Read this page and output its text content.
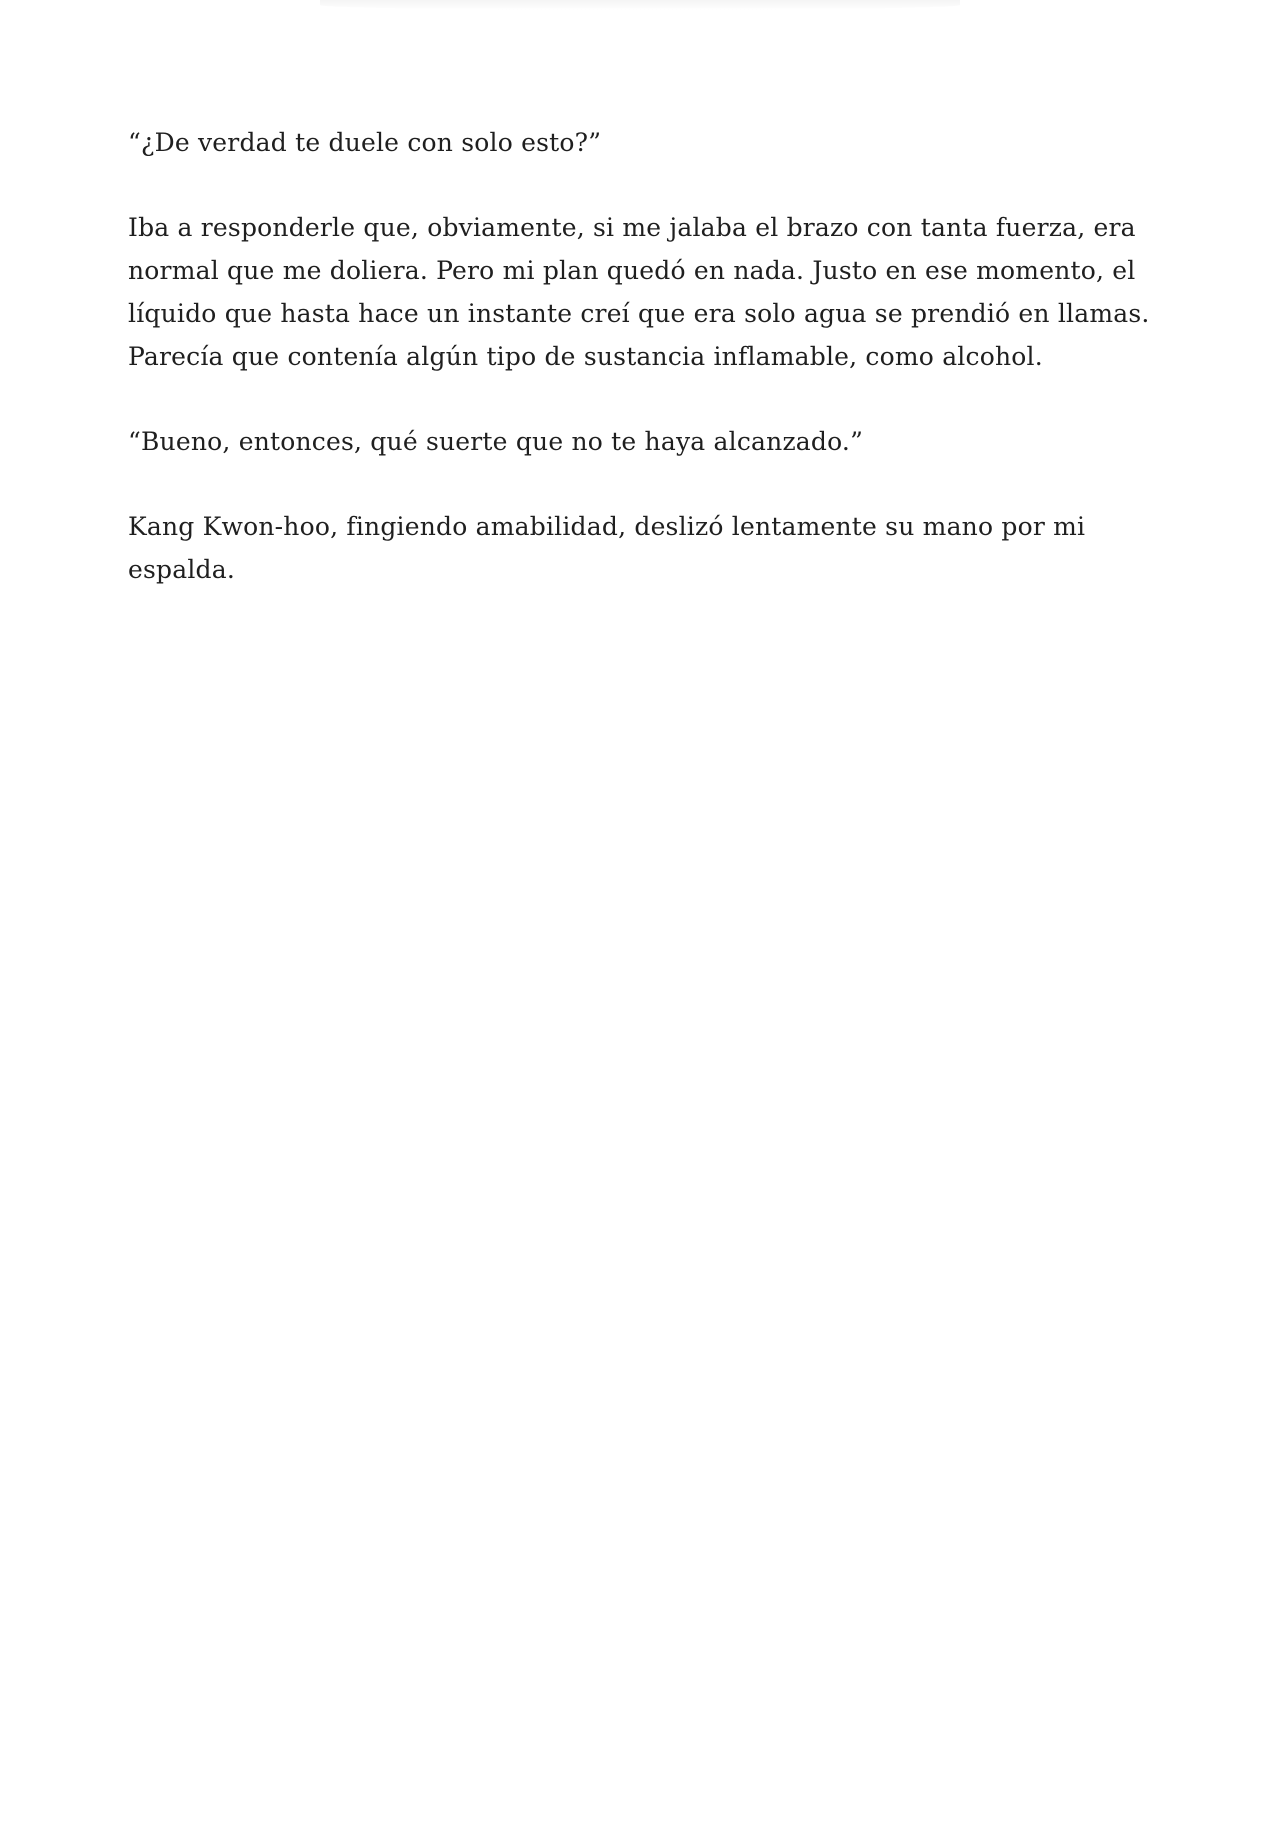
“¿De verdad te duele con solo esto?”

Iba a responderle que, obviamente, si me jalaba el brazo con tanta fuerza, era normal que me doliera. Pero mi plan quedó en nada. Justo en ese momento, el líquido que hasta hace un instante creí que era solo agua se prendió en llamas. Parecía que contenía algún tipo de sustancia inflamable, como alcohol.

“Bueno, entonces, qué suerte que no te haya alcanzado.”

Kang Kwon-hoo, fingiendo amabilidad, deslizó lentamente su mano por mi espalda.
